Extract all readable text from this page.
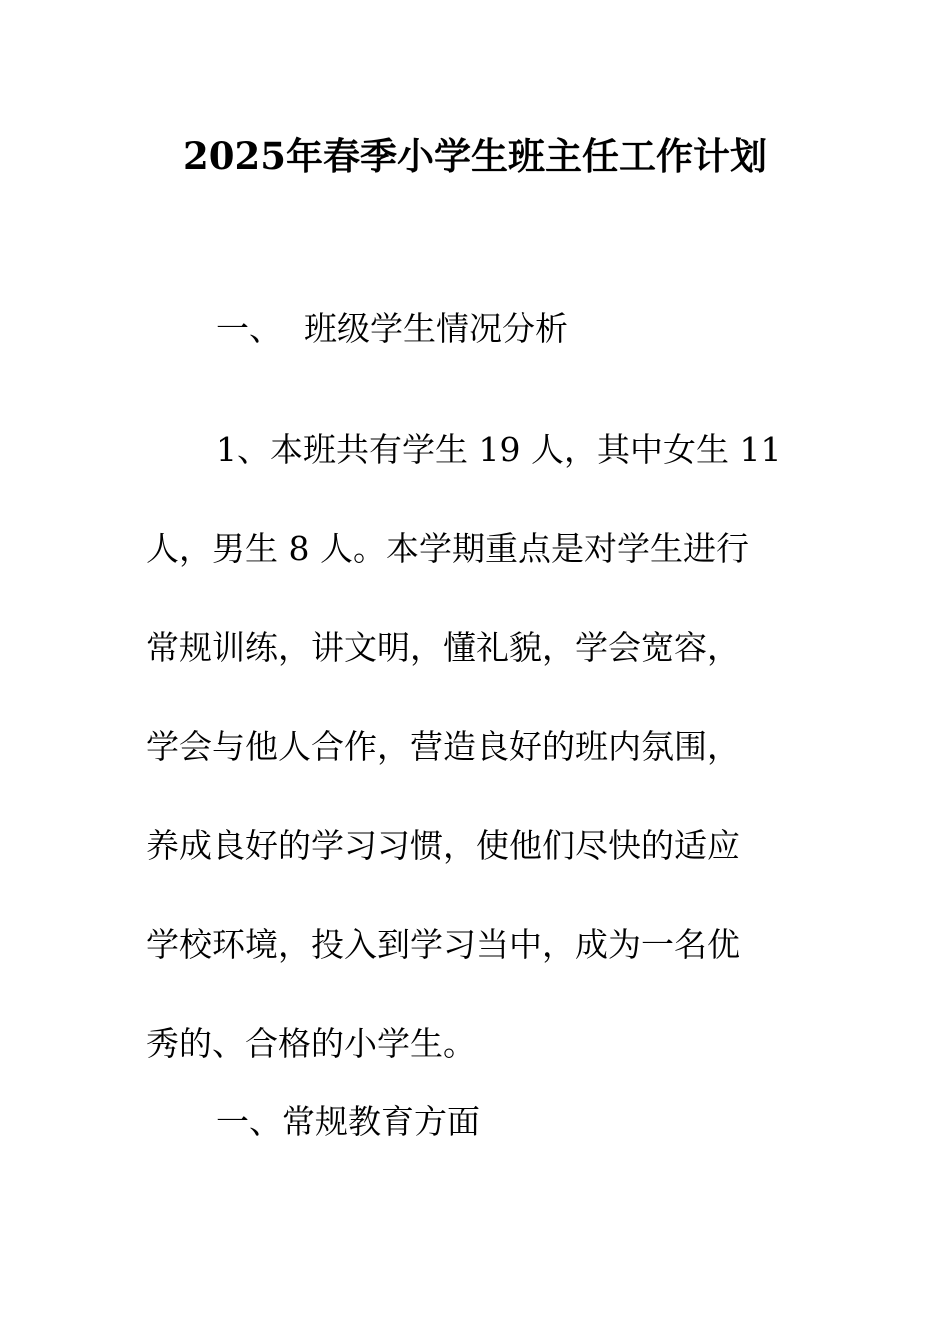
2025年春季小学生班主任工作计划
一、 班级学生情况分析
1、本班共有学生 19 人，其中女生 11
人，男生 8 人。本学期重点是对学生进行
常规训练，讲文明，懂礼貌，学会宽容，
学会与他人合作，营造良好的班内氛围，
养成良好的学习习惯，使他们尽快的适应
学校环境，投入到学习当中，成为一名优
秀的、合格的小学生。
一、常规教育方面
